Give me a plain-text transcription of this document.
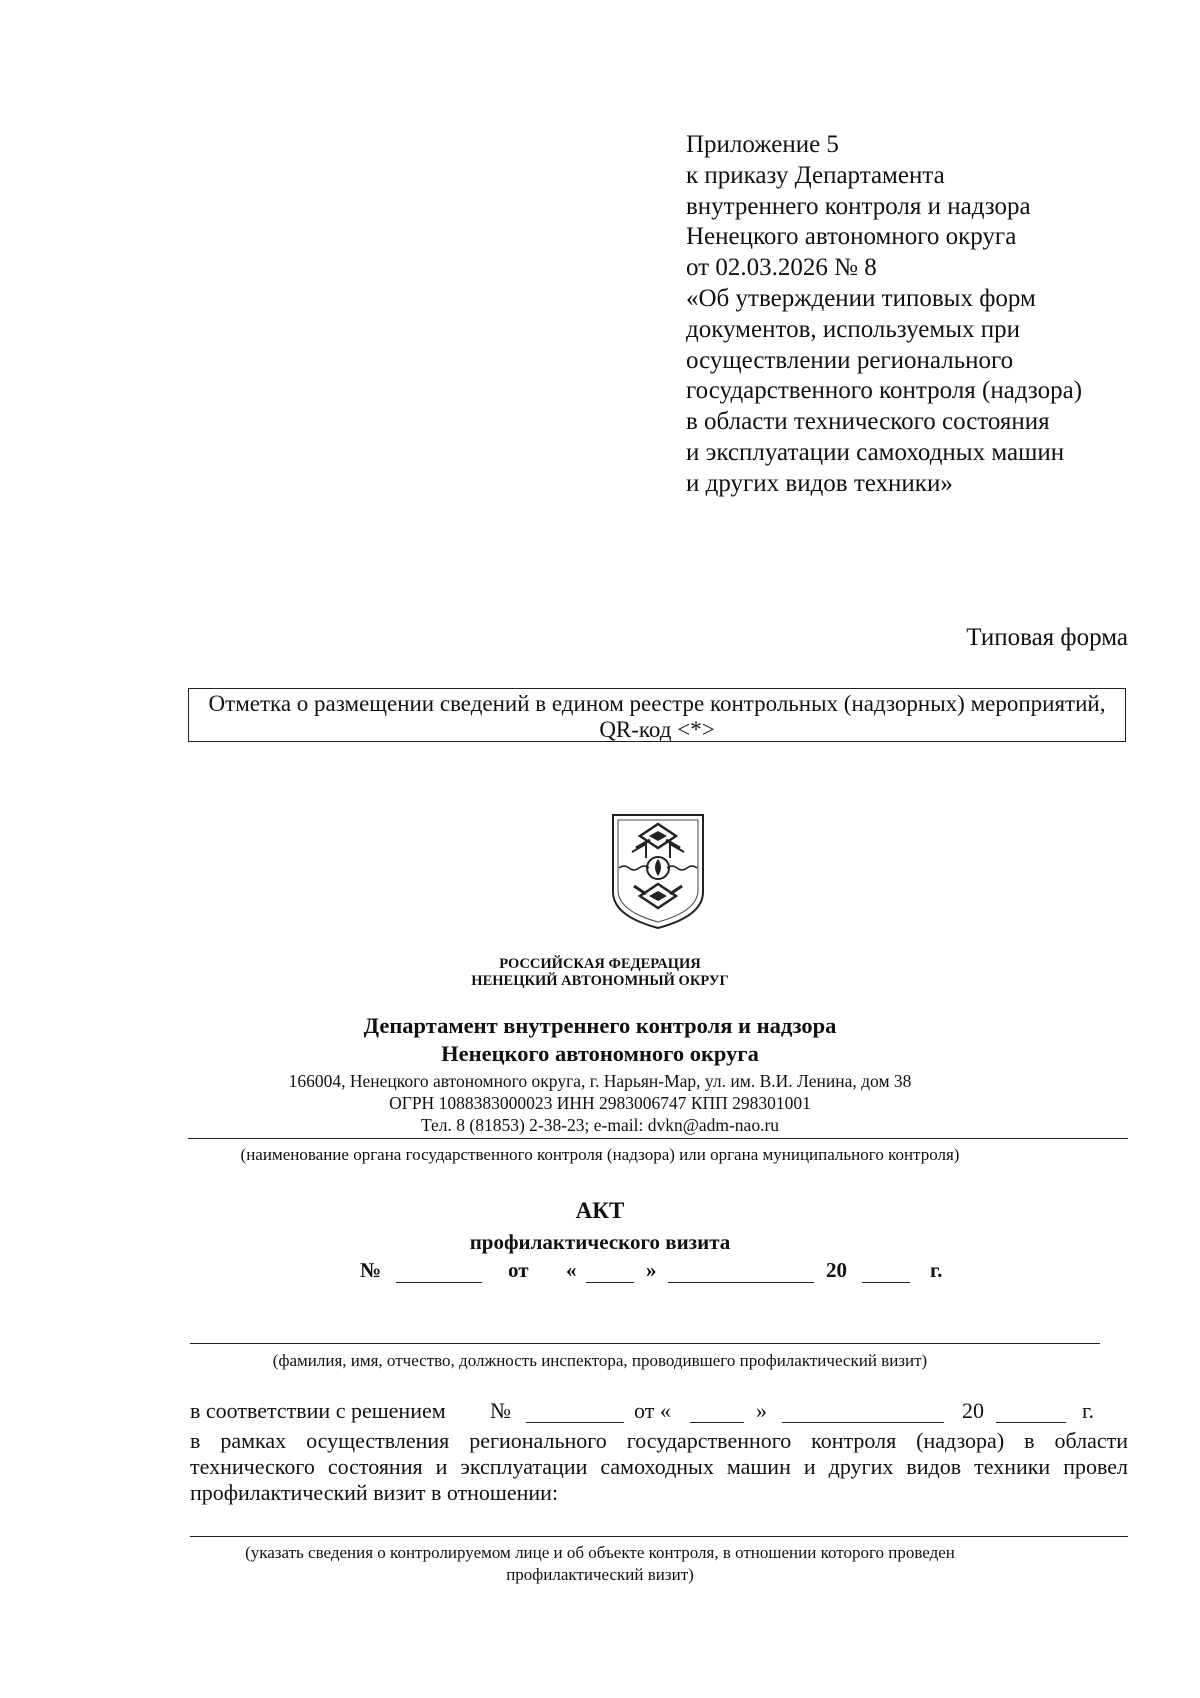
Приложение 5
к приказу Департамента
внутреннего контроля и надзора
Ненецкого автономного округа
от 02.03.2026 № 8
«Об утверждении типовых форм
документов, используемых при
осуществлении регионального
государственного контроля (надзора)
в области технического состояния
и эксплуатации самоходных машин
и других видов техники»
Типовая форма
Отметка о размещении сведений в едином реестре контрольных (надзорных) мероприятий,
QR-код <*>
РОССИЙСКАЯ ФЕДЕРАЦИЯ
НЕНЕЦКИЙ АВТОНОМНЫЙ ОКРУГ
Департамент внутреннего контроля и надзора
Ненецкого автономного округа
166004, Ненецкого автономного округа, г. Нарьян-Мар, ул. им. В.И. Ленина, дом 38
ОГРН 1088383000023 ИНН 2983006747 КПП 298301001
Тел. 8 (81853) 2-38-23; e-mail: dvkn@adm-nao.ru
(наименование органа государственного контроля (надзора) или органа муниципального контроля)
АКТ
профилактического визита
№	от «	»	20	г.
(фамилия, имя, отчество, должность инспектора, проводившего профилактический визит)
в соответствии с решением №	от «	»	20	г.
в рамках осуществления регионального государственного контроля (надзора) в области технического состояния и эксплуатации самоходных машин и других видов техники провел профилактический визит в отношении:
(указать сведения о контролируемом лице и об объекте контроля, в отношении которого проведен
профилактический визит)
